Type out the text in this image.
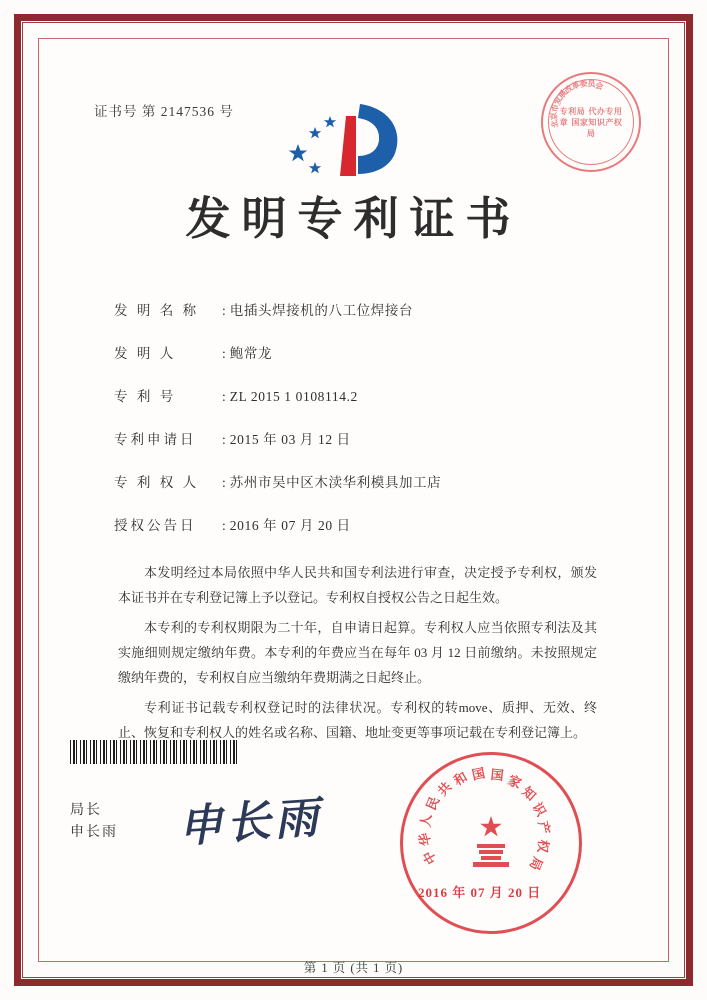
证书号 第 2147536 号
发明专利证书
发 明 名 称	: 电插头焊接机的八工位焊接台
发 明 人	: 鲍常龙
专 利 号	: ZL 2015 1 0108114.2
专利申请日	: 2015 年 03 月 12 日
专 利 权 人	: 苏州市吴中区木渎华利模具加工店
授权公告日	: 2016 年 07 月 20 日

本发明经过本局依照中华人民共和国专利法进行审查，决定授予专利权，颁发本证书并在专利登记簿上予以登记。专利权自授权公告之日起生效。

本专利的专利权期限为二十年，自申请日起算。专利权人应当依照专利法及其实施细则规定缴纳年费。本专利的年费应当在每年 03 月 12 日前缴纳。未按照规定缴纳年费的，专利权自应当缴纳年费期满之日起终止。

专利证书记载专利权登记时的法律状况。专利权的转move、质押、无效、终止、恢复和专利权人的姓名或名称、国籍、地址变更等事项记载在专利登记簿上。

局长
申长雨 申长雨
中
华
人
民
共
和 国 国 家
知
识
产
权
局
2016 年 07 月 20 日
北
京
市
发
展
改
革
委
员
会
专利局 代办专用章 国家知识产权局
第 1 页 (共 1 页)
